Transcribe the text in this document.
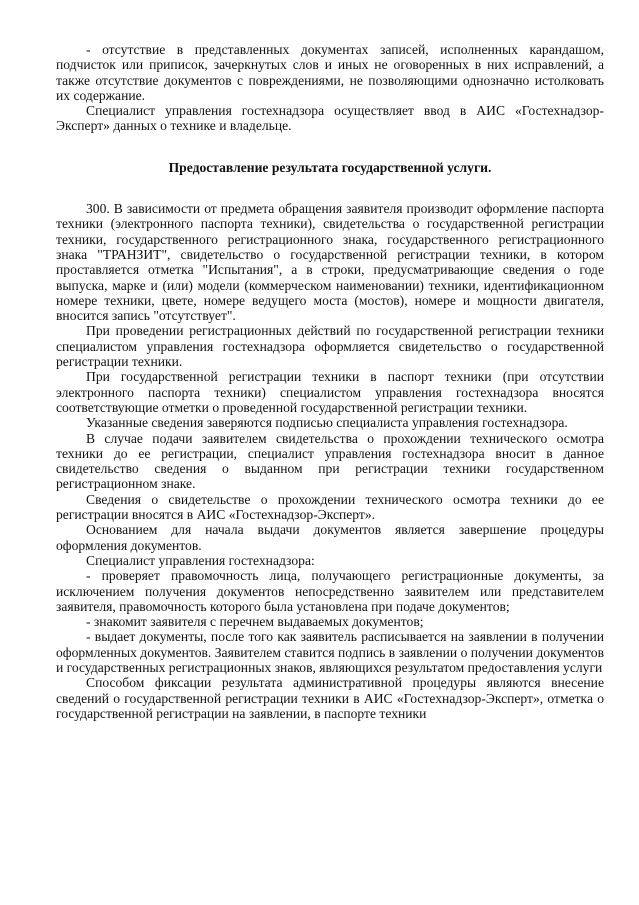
- отсутствие в представленных документах записей, исполненных карандашом, подчисток или приписок, зачеркнутых слов и иных не оговоренных в них исправлений, а также отсутствие документов с повреждениями, не позволяющими однозначно истолковать их содержание.

Специалист управления гостехнадзора осуществляет ввод в АИС «Гостехнадзор- Эксперт» данных о технике и владельце.

Предоставление результата государственной услуги.

300. В зависимости от предмета обращения заявителя производит оформление паспорта техники (электронного паспорта техники), свидетельства о государственной регистрации техники, государственного регистрационного знака, государственного регистрационного знака "ТРАНЗИТ", свидетельство о государственной регистрации техники, в котором проставляется отметка "Испытания", а в строки, предусматривающие сведения о годе выпуска, марке и (или) модели (коммерческом наименовании) техники, идентификационном номере техники, цвете, номере ведущего моста (мостов), номере и мощности двигателя, вносится запись "отсутствует".

При проведении регистрационных действий по государственной регистрации техники специалистом управления гостехнадзора оформляется свидетельство о государственной регистрации техники.

При государственной регистрации техники в паспорт техники (при отсутствии электронного паспорта техники) специалистом управления гостехнадзора вносятся соответствующие отметки о проведенной государственной регистрации техники.

Указанные сведения заверяются подписью специалиста управления гостехнадзора.

В случае подачи заявителем свидетельства о прохождении технического осмотра техники до ее регистрации, специалист управления гостехнадзора вносит в данное свидетельство сведения о выданном при регистрации техники государственном регистрационном знаке.

Сведения о свидетельстве о прохождении технического осмотра техники до ее регистрации вносятся в АИС «Гостехнадзор-Эксперт».

Основанием для начала выдачи документов является завершение процедуры оформления документов.

Специалист управления гостехнадзора:

- проверяет правомочность лица, получающего регистрационные документы, за исключением получения документов непосредственно заявителем или представителем заявителя, правомочность которого была установлена при подаче документов;

- знакомит заявителя с перечнем выдаваемых документов;

- выдает документы, после того как заявитель расписывается на заявлении в получении оформленных документов. Заявителем ставится подпись в заявлении о получении документов и государственных регистрационных знаков, являющихся результатом предоставления услуги

Способом фиксации результата административной процедуры являются внесение сведений о государственной регистрации техники в АИС «Гостехнадзор-Эксперт», отметка о государственной регистрации на заявлении, в паспорте техники
